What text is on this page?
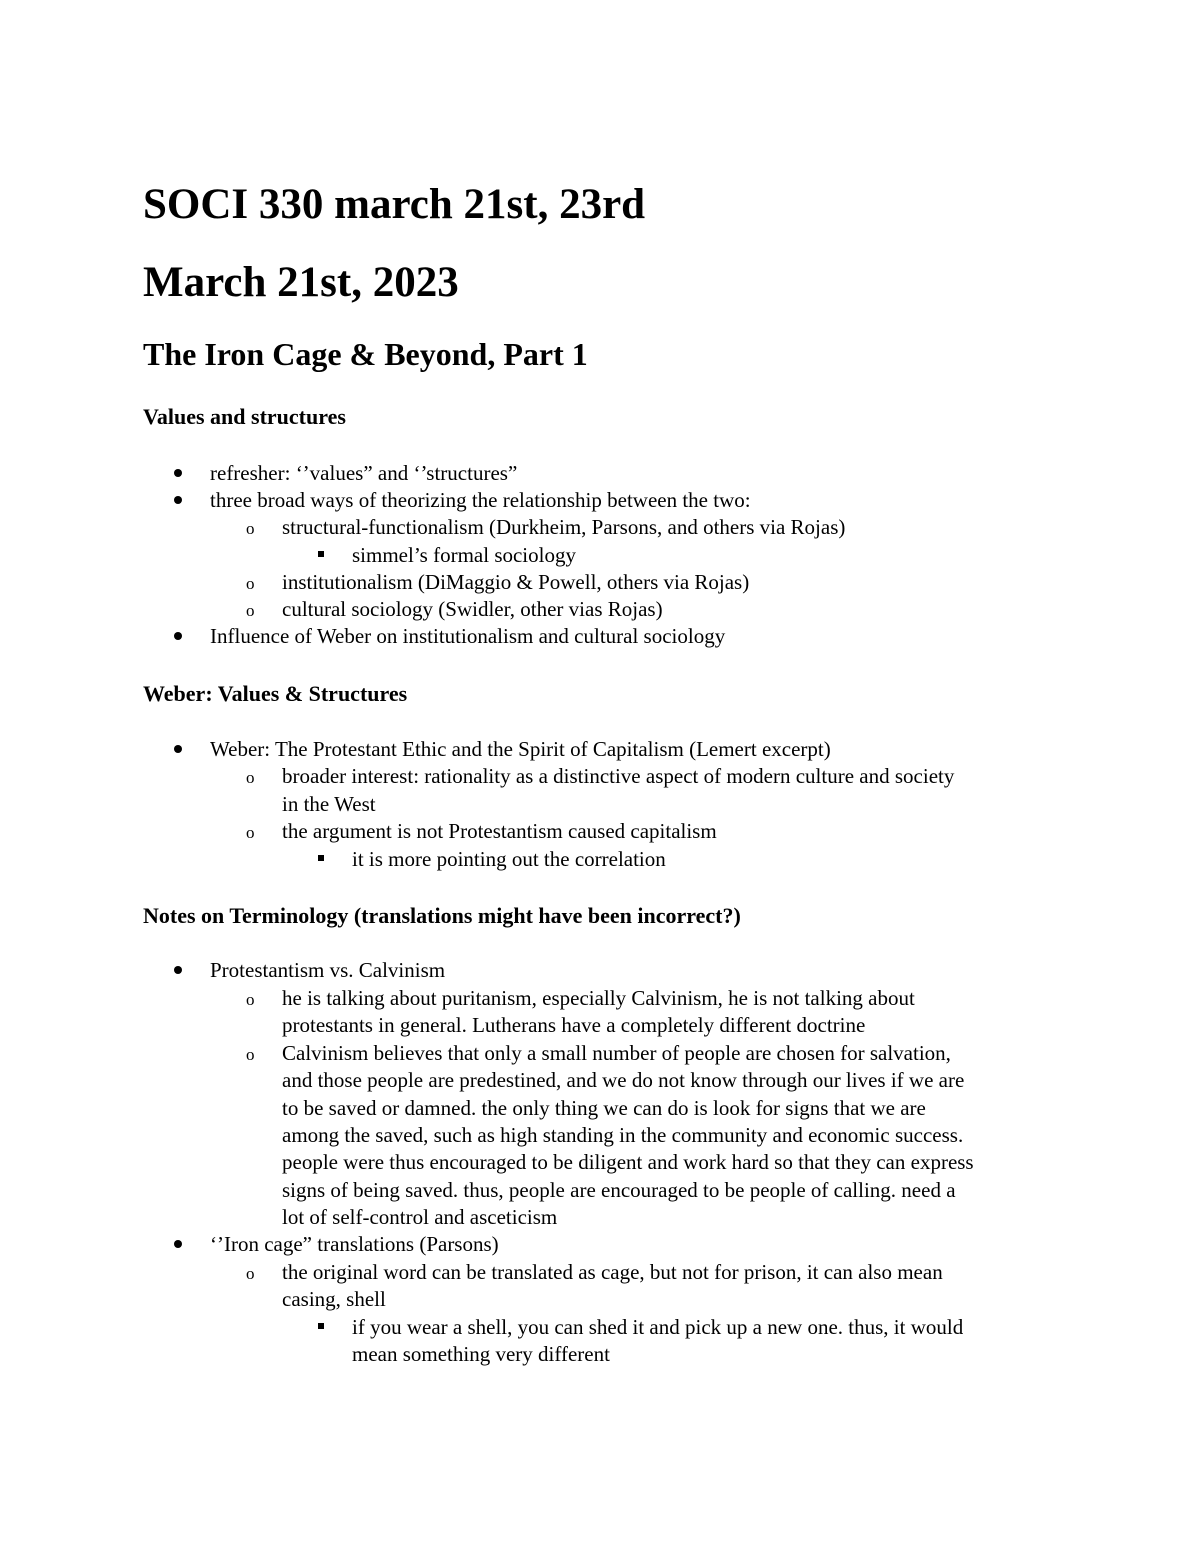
SOCI 330 march 21st, 23rd
March 21st, 2023
The Iron Cage & Beyond, Part 1
Values and structures
refresher: ‘’values” and ‘’structures”
three broad ways of theorizing the relationship between the two:
o structural-functionalism (Durkheim, Parsons, and others via Rojas)
simmel’s formal sociology
o institutionalism (DiMaggio & Powell, others via Rojas)
o cultural sociology (Swidler, other vias Rojas)
Influence of Weber on institutionalism and cultural sociology
Weber: Values & Structures
Weber: The Protestant Ethic and the Spirit of Capitalism (Lemert excerpt)
o broader interest: rationality as a distinctive aspect of modern culture and society
in the West
o the argument is not Protestantism caused capitalism
it is more pointing out the correlation
Notes on Terminology (translations might have been incorrect?)
Protestantism vs. Calvinism
o he is talking about puritanism, especially Calvinism, he is not talking about
protestants in general. Lutherans have a completely different doctrine
o Calvinism believes that only a small number of people are chosen for salvation,
and those people are predestined, and we do not know through our lives if we are
to be saved or damned. the only thing we can do is look for signs that we are
among the saved, such as high standing in the community and economic success.
people were thus encouraged to be diligent and work hard so that they can express
signs of being saved. thus, people are encouraged to be people of calling. need a
lot of self-control and asceticism
‘’Iron cage” translations (Parsons)
o the original word can be translated as cage, but not for prison, it can also mean
casing, shell
if you wear a shell, you can shed it and pick up a new one. thus, it would
mean something very different
